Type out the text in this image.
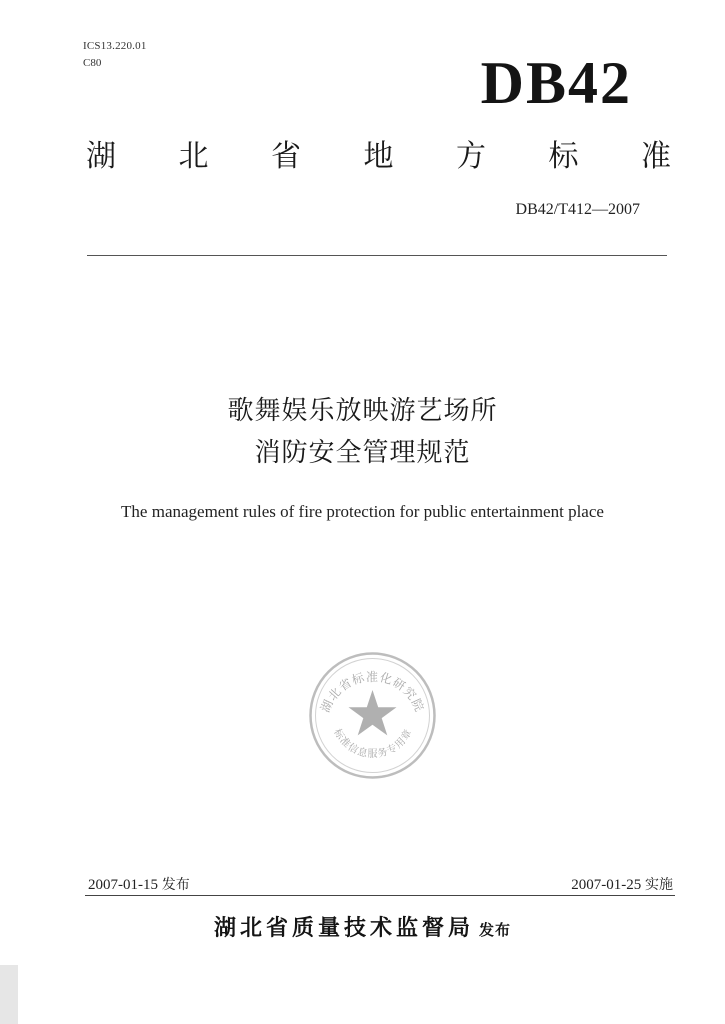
ICS13.220.01
C80	DB42
湖 北 省 地 方 标 准
DB42/T412—2007
歌舞娱乐放映游艺场所
消防安全管理规范
The management rules of fire protection for public entertainment place
湖北省标准化研究院
标准信息服务专用章
2007-01-15 发布	2007-01-25 实施
湖北省质量技术监督局 发布
